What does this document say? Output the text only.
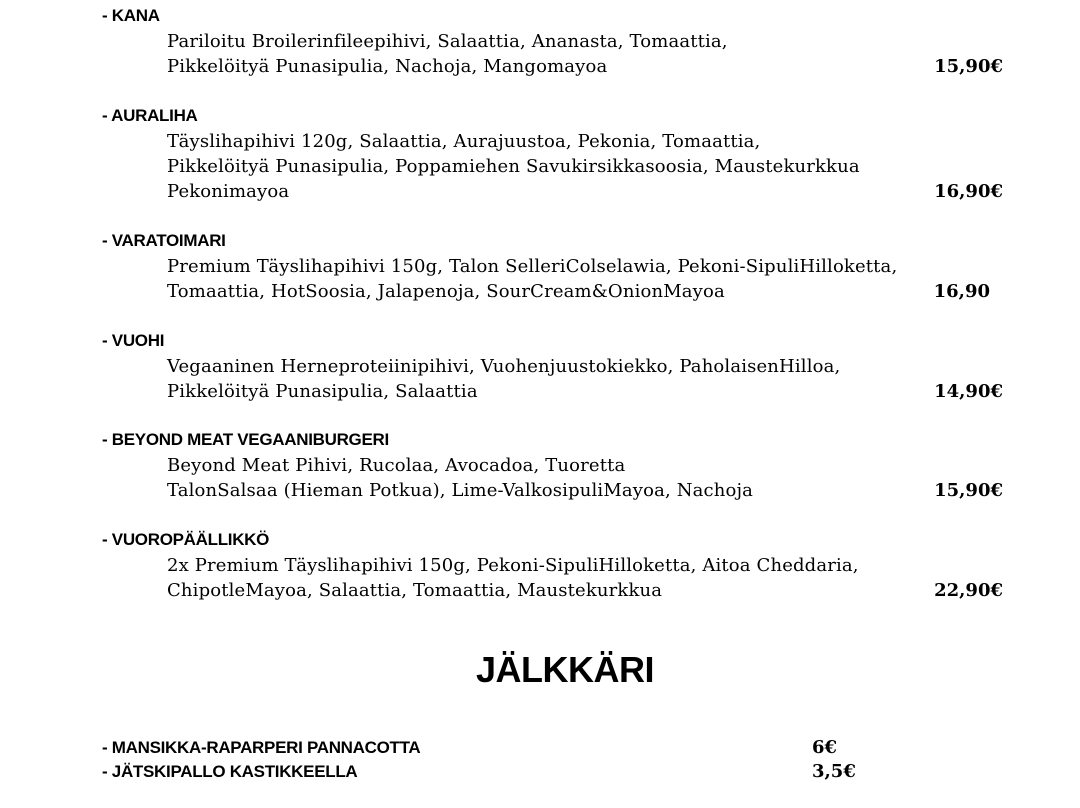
- KANA
Pariloitu Broilerinfileepihivi, Salaattia, Ananasta, Tomaattia,
Pikkelöityä Punasipulia, Nachoja, Mangomayoa	15,90€
- AURALIHA
Täyslihapihivi 120g, Salaattia, Aurajuustoa, Pekonia, Tomaattia,
Pikkelöityä Punasipulia, Poppamiehen Savukirsikkasoosia, Maustekurkkua
Pekonimayoa	16,90€
- VARATOIMARI
Premium Täyslihapihivi 150g, Talon SelleriColselawia, Pekoni-SipuliHilloketta,
Tomaattia, HotSoosia, Jalapenoja, SourCream&OnionMayoa	16,90
- VUOHI
Vegaaninen Herneproteiinipihivi, Vuohenjuustokiekko, PaholaisenHilloa,
Pikkelöityä Punasipulia, Salaattia	14,90€
- BEYOND MEAT VEGAANIBURGERI
Beyond Meat Pihivi, Rucolaa, Avocadoa, Tuoretta
TalonSalsaa (Hieman Potkua), Lime-ValkosipuliMayoa, Nachoja	15,90€
- VUOROPÄÄLLIKKÖ
2x Premium Täyslihapihivi 150g, Pekoni-SipuliHilloketta, Aitoa Cheddaria,
ChipotleMayoa, Salaattia, Tomaattia, Maustekurkkua	22,90€
JÄLKKÄRI
- MANSIKKA-RAPARPERI PANNACOTTA	6€
- JÄTSKIPALLO KASTIKKEELLA	3,5€
